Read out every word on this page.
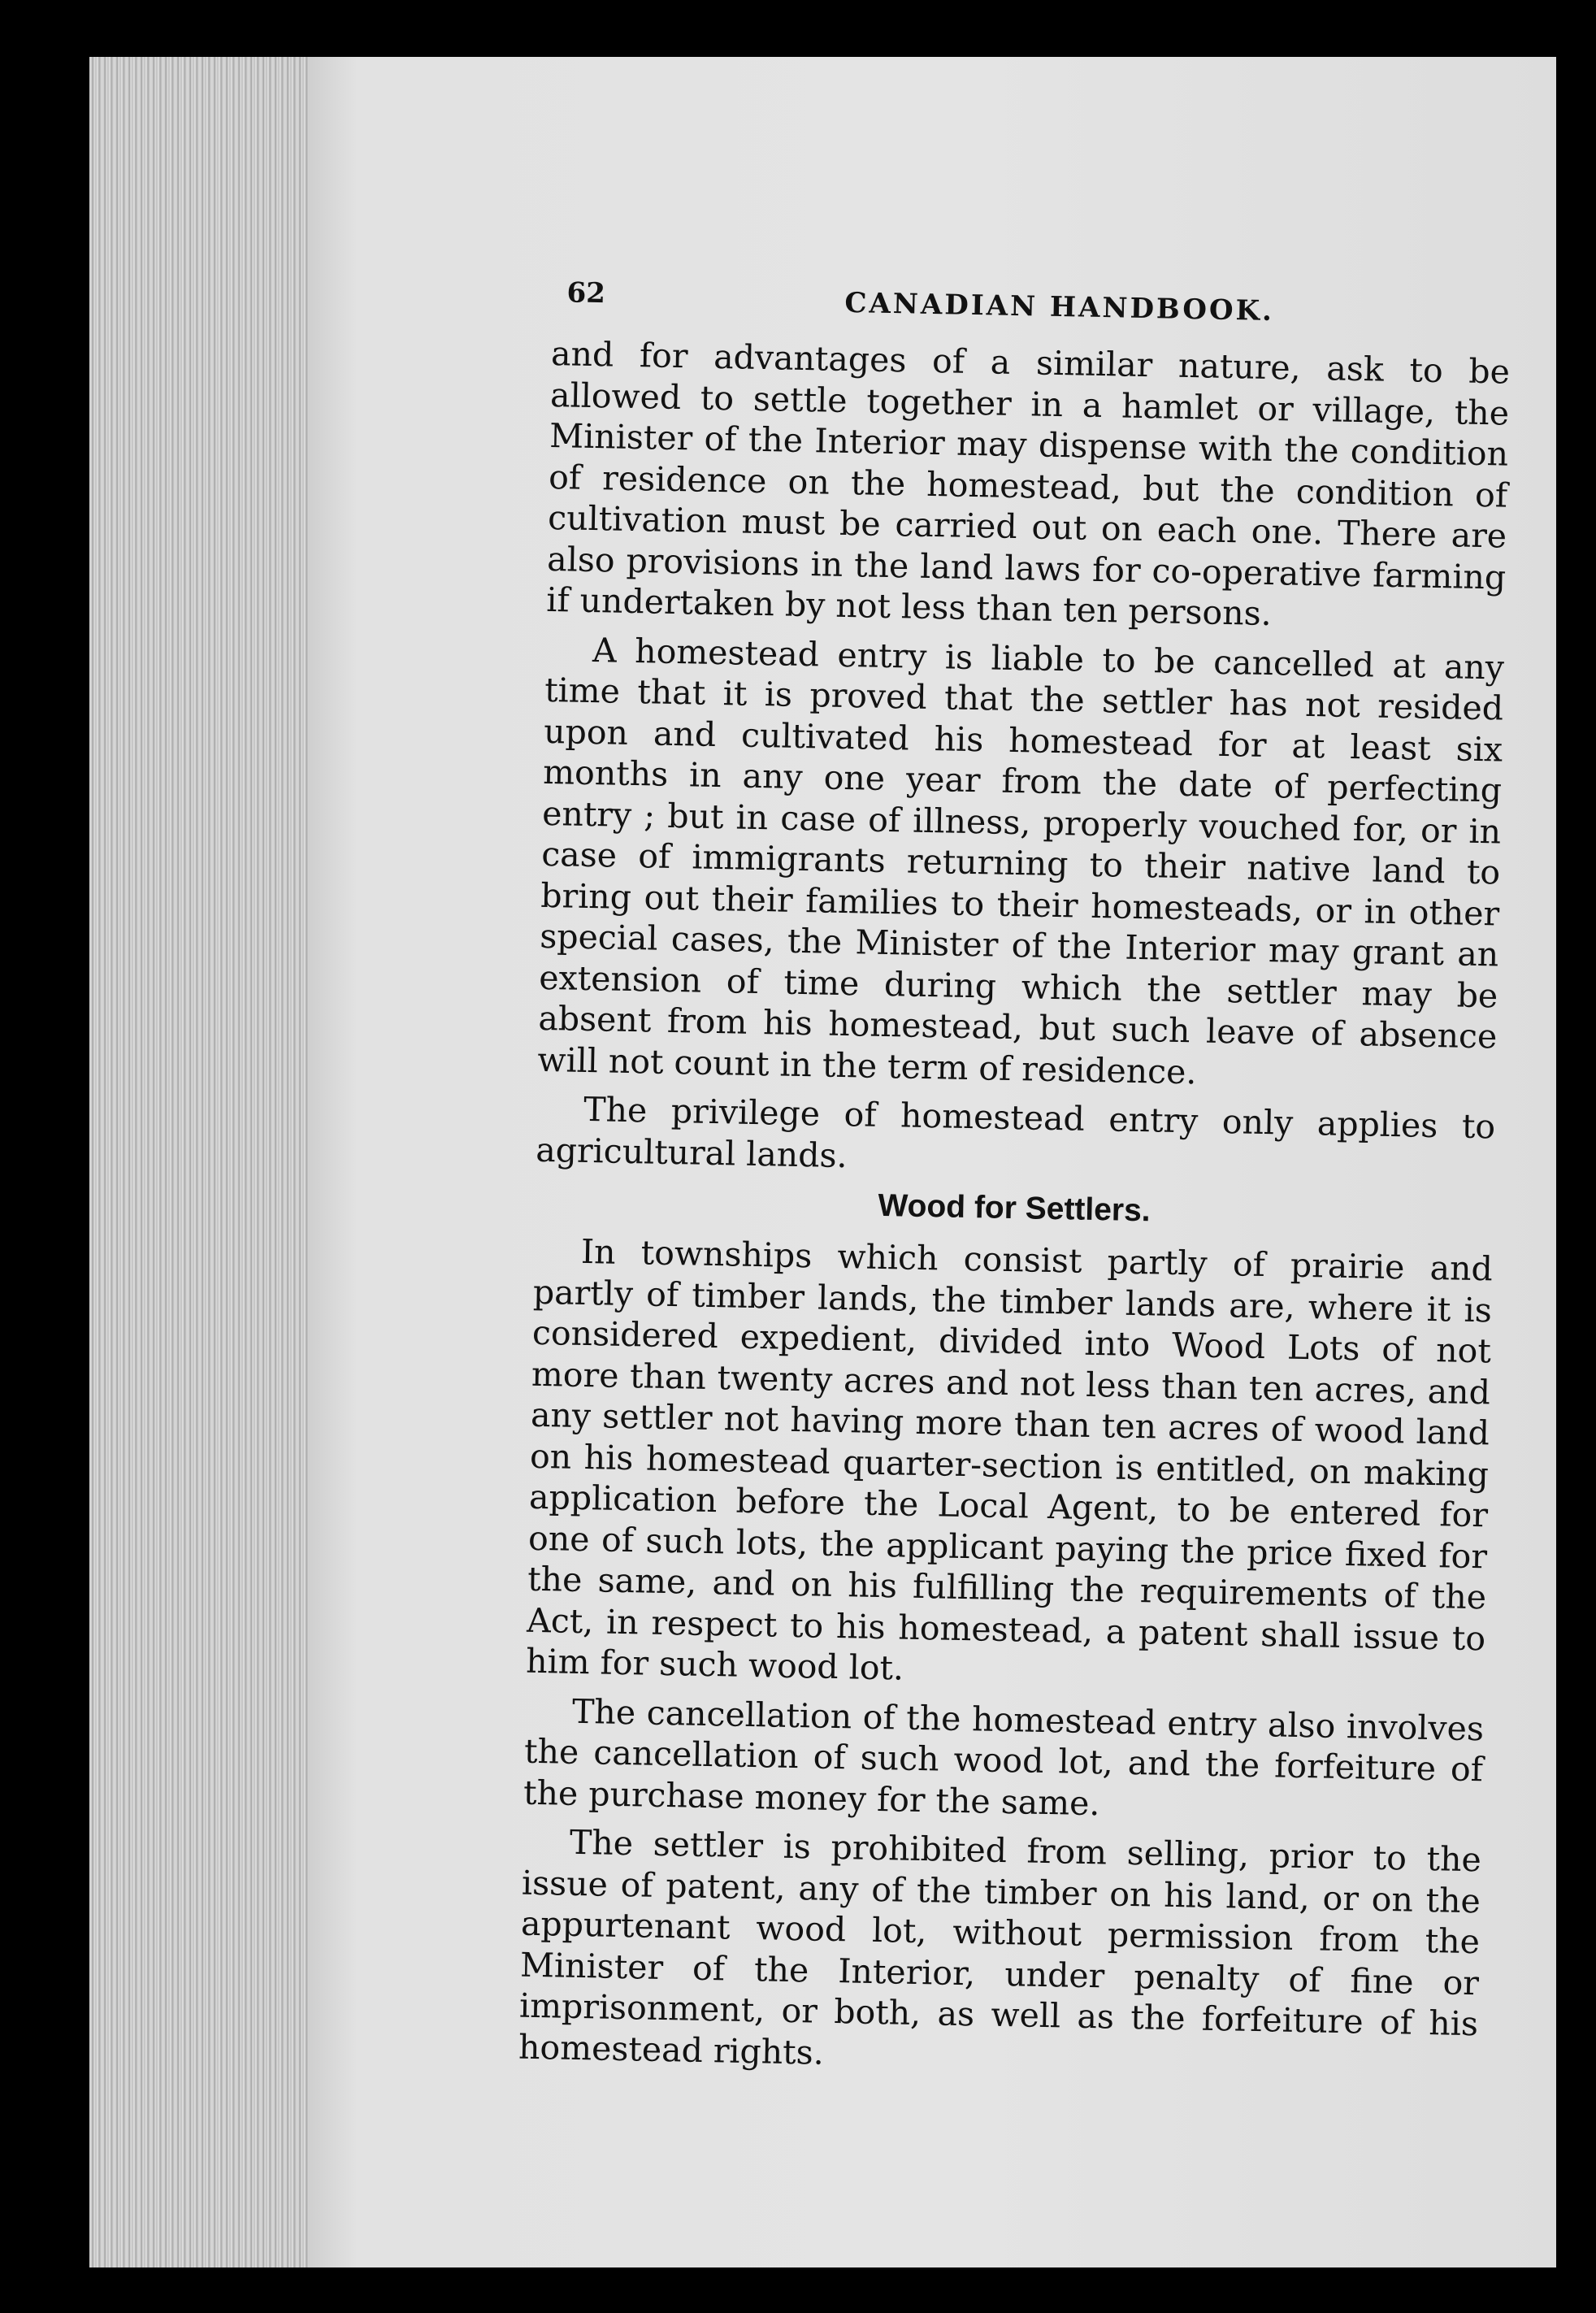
62	CANADIAN HANDBOOK.

and for advantages of a similar nature, ask to be allowed to settle together in a hamlet or village, the Minister of the Interior may dispense with the condition of residence on the homestead, but the condition of cultivation must be carried out on each one. There are also provisions in the land laws for co-operative farming if undertaken by not less than ten persons.

A homestead entry is liable to be cancelled at any time that it is proved that the settler has not resided upon and cultivated his homestead for at least six months in any one year from the date of perfecting entry ; but in case of illness, properly vouched for, or in case of immigrants returning to their native land to bring out their families to their homesteads, or in other special cases, the Minister of the Interior may grant an extension of time during which the settler may be absent from his homestead, but such leave of absence will not count in the term of residence.

The privilege of homestead entry only applies to agricultural lands.

Wood for Settlers.

In townships which consist partly of prairie and partly of timber lands, the timber lands are, where it is considered expedient, divided into Wood Lots of not more than twenty acres and not less than ten acres, and any settler not having more than ten acres of wood land on his homestead quarter-section is entitled, on making application before the Local Agent, to be entered for one of such lots, the applicant paying the price fixed for the same, and on his fulfilling the requirements of the Act, in respect to his homestead, a patent shall issue to him for such wood lot.

The cancellation of the homestead entry also involves the cancellation of such wood lot, and the forfeiture of the purchase money for the same.

The settler is prohibited from selling, prior to the issue of patent, any of the timber on his land, or on the appurtenant wood lot, without permission from the Minister of the Interior, under penalty of fine or imprisonment, or both, as well as the forfeiture of his homestead rights.
